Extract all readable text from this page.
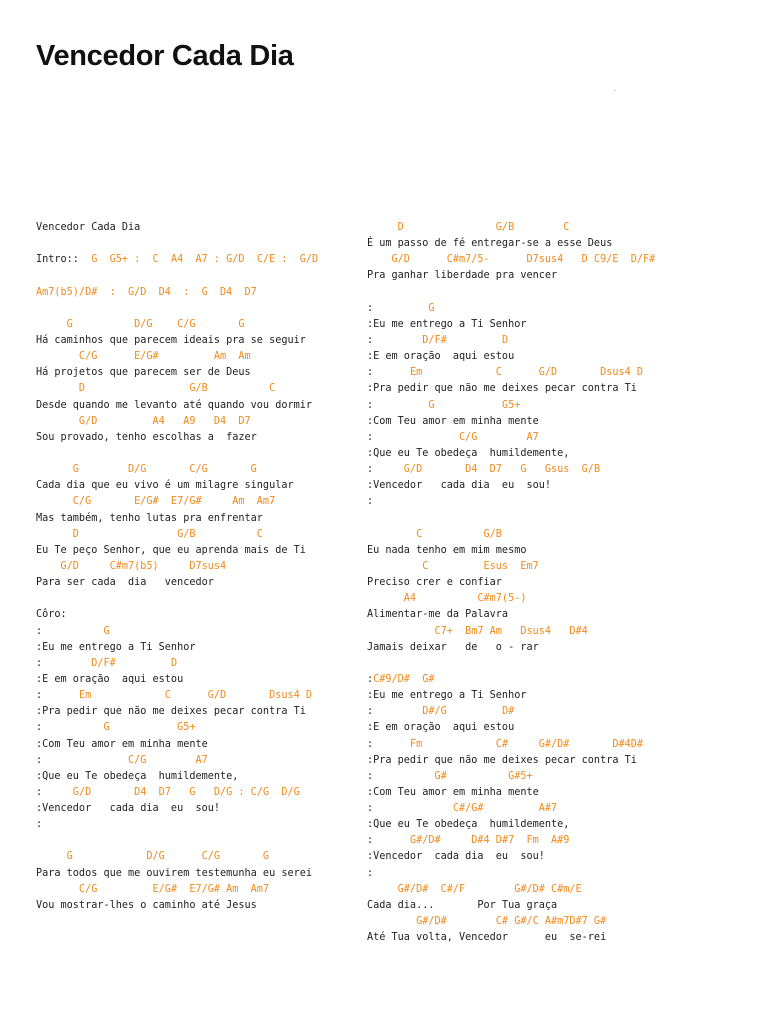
Vencedor Cada Dia
Vencedor Cada Dia
Intro::  G  G5+ :  C  A4  A7 : G/D  C/E :  G/D
Am7(b5)/D#  :  G/D  D4  :  G  D4  D7
G          D/G    C/G       G
Há caminhos que parecem ideais pra se seguir
C/G      E/G#         Am  Am
Há projetos que parecem ser de Deus
D                 G/B          C
Desde quando me levanto até quando vou dormir
G/D         A4   A9   D4  D7
Sou provado, tenho escolhas a  fazer
G        D/G       C/G       G
Cada dia que eu vivo é um milagre singular
C/G       E/G#  E7/G#     Am  Am7
Mas também, tenho lutas pra enfrentar
D                G/B          C
Eu Te peço Senhor, que eu aprenda mais de Ti
G/D     C#m7(b5)     D7sus4
Para ser cada  dia   vencedor
Côro:
:          G
:Eu me entrego a Ti Senhor
:        D/F#         D
:E em oração  aqui estou
:      Em            C      G/D       Dsus4 D
:Pra pedir que não me deixes pecar contra Ti
:          G           G5+
:Com Teu amor em minha mente
:              C/G        A7
:Que eu Te obedeça  humildemente,
:     G/D       D4  D7   G   D/G : C/G  D/G
:Vencedor   cada dia  eu  sou!
:
G            D/G      C/G       G
Para todos que me ouvirem testemunha eu serei
C/G         E/G#  E7/G# Am  Am7
Vou mostrar-lhes o caminho até Jesus
D               G/B        C
É um passo de fé entregar-se a esse Deus
G/D      C#m7/5-      D7sus4   D C9/E  D/F#
Pra ganhar liberdade pra vencer
:         G
:Eu me entrego a Ti Senhor
:        D/F#         D
:E em oração  aqui estou
:      Em            C      G/D       Dsus4 D
:Pra pedir que não me deixes pecar contra Ti
:         G           G5+
:Com Teu amor em minha mente
:              C/G        A7
:Que eu Te obedeça  humildemente,
:     G/D       D4  D7   G   Gsus  G/B
:Vencedor   cada dia  eu  sou!
:
C          G/B
Eu nada tenho em mim mesmo
C         Esus  Em7
Preciso crer e confiar
A4          C#m7(5-)
Alimentar-me da Palavra
C7+  Bm7 Am   Dsus4   D#4
Jamais deixar   de   o - rar
:C#9/D#  G#
:Eu me entrego a Ti Senhor
:        D#/G         D#
:E em oração  aqui estou
:      Fm            C#     G#/D#       D#4D#
:Pra pedir que não me deixes pecar contra Ti
:          G#          G#5+
:Com Teu amor em minha mente
:             C#/G#         A#7
:Que eu Te obedeça  humildemente,
:      G#/D#     D#4 D#7  Fm  A#9
:Vencedor  cada dia  eu  sou!
:
G#/D#  C#/F        G#/D# C#m/E
Cada dia...       Por Tua graça
G#/D#        C# G#/C A#m7D#7 G#
Até Tua volta, Vencedor      eu  se-rei
